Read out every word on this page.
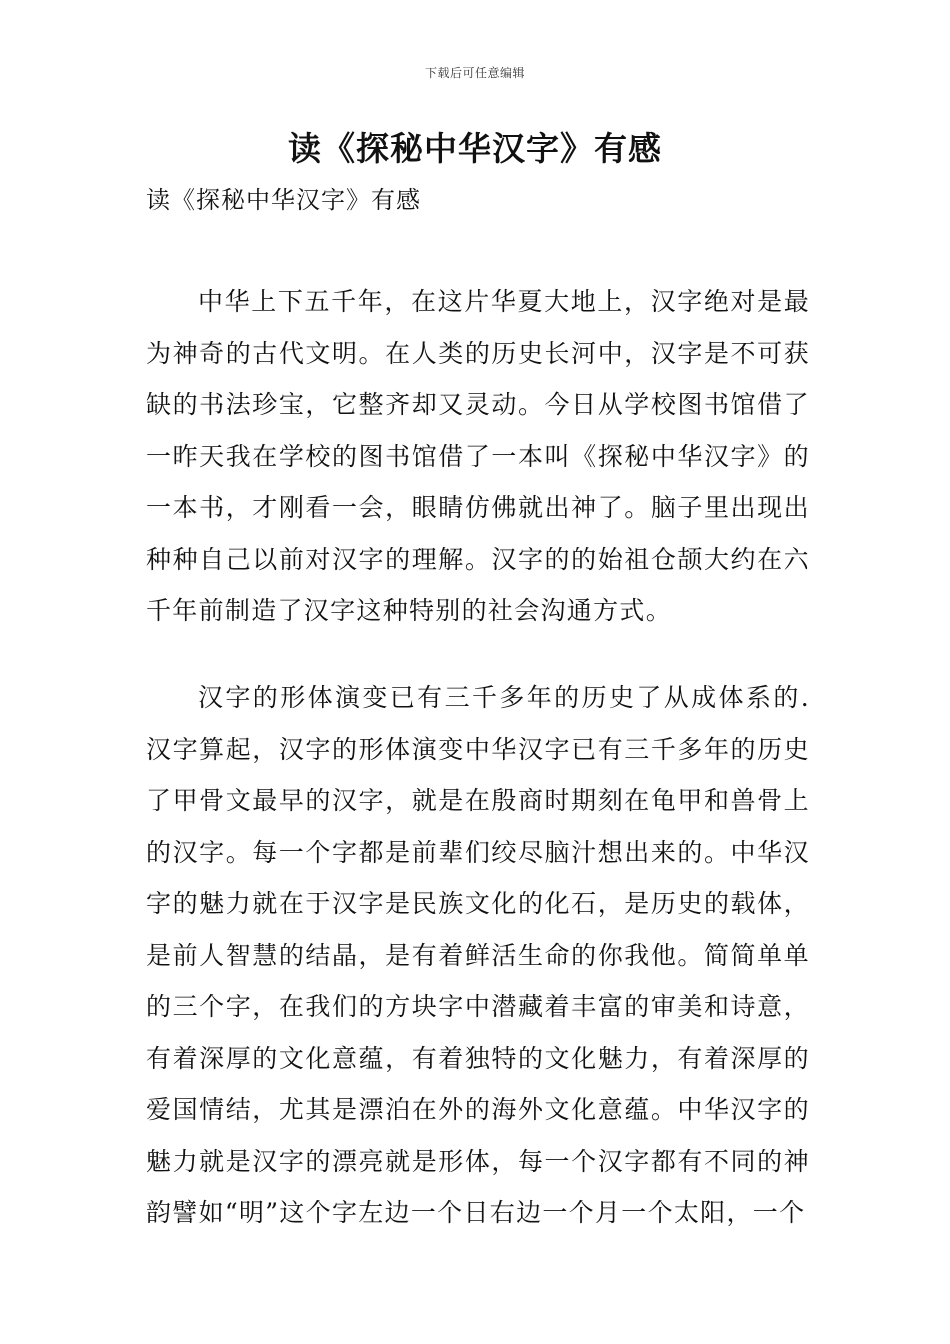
下载后可任意编辑
读《探秘中华汉字》有感
读《探秘中华汉字》有感

中华上下五千年，在这片华夏大地上，汉字绝对是最为神奇的古代文明。在人类的历史长河中，汉字是不可获缺的书法珍宝，它整齐却又灵动。今日从学校图书馆借了一昨天我在学校的图书馆借了一本叫《探秘中华汉字》的一本书，才刚看一会，眼睛仿佛就出神了。脑子里出现出种种自己以前对汉字的理解。汉字的的始祖仓颉大约在六千年前制造了汉字这种特别的社会沟通方式。

汉字的形体演变已有三千多年的历史了从成体系的.汉字算起，汉字的形体演变中华汉字已有三千多年的历史了甲骨文最早的汉字，就是在殷商时期刻在龟甲和兽骨上的汉字。每一个字都是前辈们绞尽脑汁想出来的。中华汉字的魅力就在于汉字是民族文化的化石，是历史的载体，是前人智慧的结晶，是有着鲜活生命的你我他。简简单单的三个字，在我们的方块字中潜藏着丰富的审美和诗意，有着深厚的文化意蕴，有着独特的文化魅力，有着深厚的爱国情结，尤其是漂泊在外的海外文化意蕴。中华汉字的魅力就是汉字的漂亮就是形体，每一个汉字都有不同的神韵譬如“明”这个字左边一个日右边一个月一个太阳，一个
